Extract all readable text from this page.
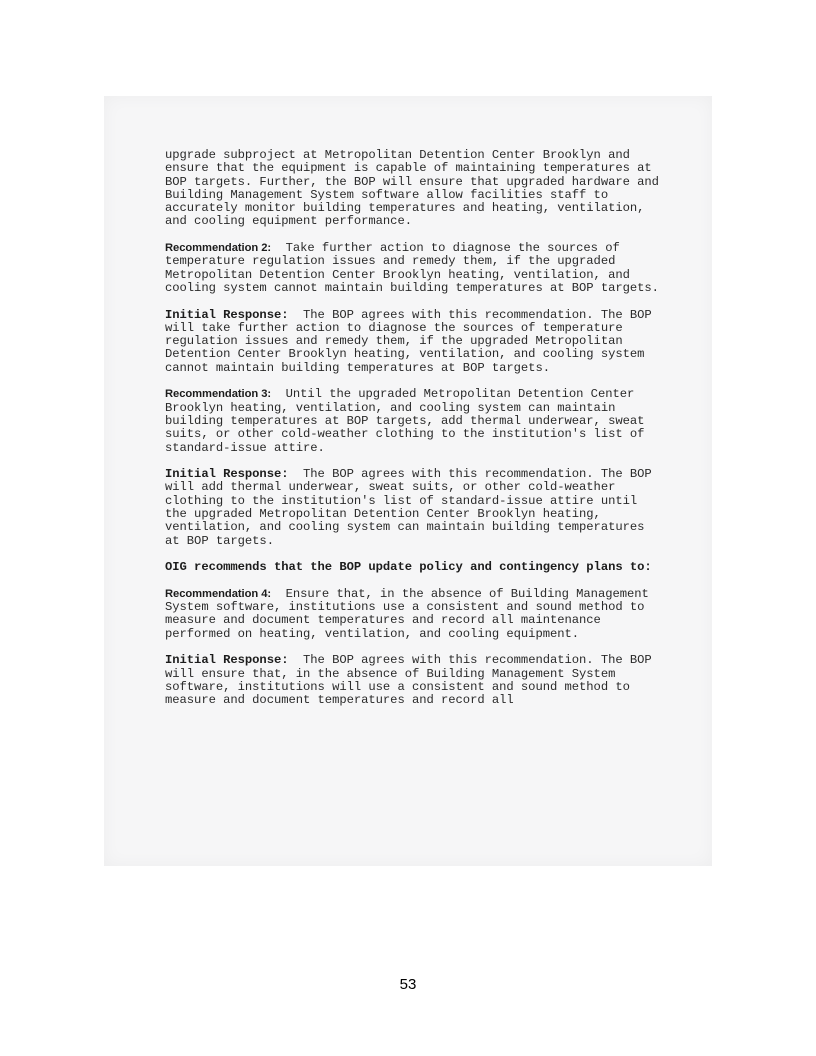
upgrade subproject at Metropolitan Detention Center Brooklyn and ensure that the equipment is capable of maintaining temperatures at BOP targets. Further, the BOP will ensure that upgraded hardware and Building Management System software allow facilities staff to accurately monitor building temperatures and heating, ventilation, and cooling equipment performance.

Recommendation 2: Take further action to diagnose the sources of temperature regulation issues and remedy them, if the upgraded Metropolitan Detention Center Brooklyn heating, ventilation, and cooling system cannot maintain building temperatures at BOP targets.

Initial Response: The BOP agrees with this recommendation. The BOP will take further action to diagnose the sources of temperature regulation issues and remedy them, if the upgraded Metropolitan Detention Center Brooklyn heating, ventilation, and cooling system cannot maintain building temperatures at BOP targets.

Recommendation 3: Until the upgraded Metropolitan Detention Center Brooklyn heating, ventilation, and cooling system can maintain building temperatures at BOP targets, add thermal underwear, sweat suits, or other cold-weather clothing to the institution's list of standard-issue attire.

Initial Response: The BOP agrees with this recommendation. The BOP will add thermal underwear, sweat suits, or other cold-weather clothing to the institution's list of standard-issue attire until the upgraded Metropolitan Detention Center Brooklyn heating, ventilation, and cooling system can maintain building temperatures at BOP targets.

OIG recommends that the BOP update policy and contingency plans to:

Recommendation 4: Ensure that, in the absence of Building Management System software, institutions use a consistent and sound method to measure and document temperatures and record all maintenance performed on heating, ventilation, and cooling equipment.

Initial Response: The BOP agrees with this recommendation. The BOP will ensure that, in the absence of Building Management System software, institutions will use a consistent and sound method to measure and document temperatures and record all

53
